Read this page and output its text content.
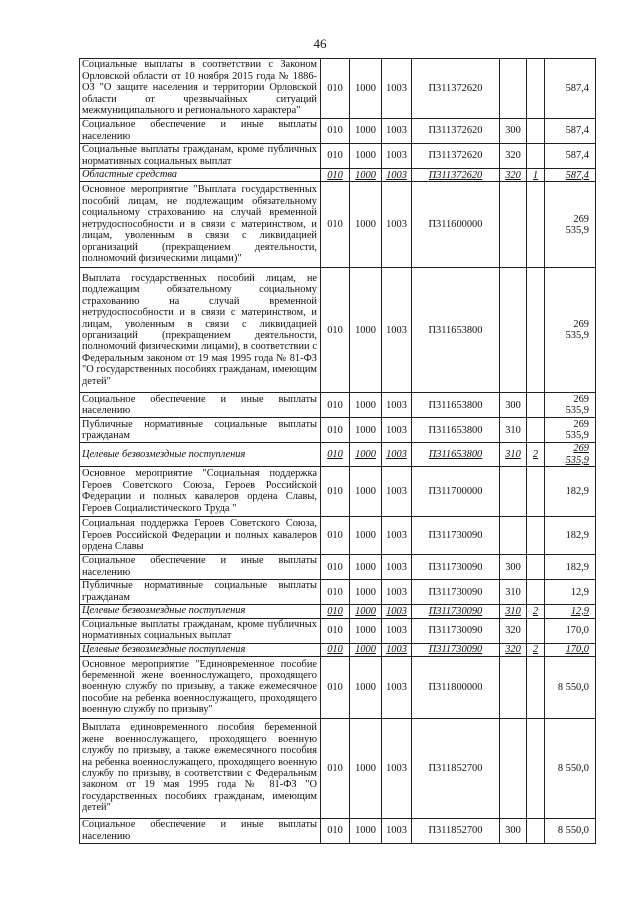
46
Социальные выплаты в соответствии с Законом Орловской области от 10 ноября 2015 года № 1886-ОЗ "О защите населения и территории Орловской области от чрезвычайных ситуаций межмуниципального и регионального характера"	010	1000	1003	П311372620			587,4
Социальное обеспечение и иные выплаты населению	010	1000	1003	П311372620	300		587,4
Социальные выплаты гражданам, кроме публичных нормативных социальных выплат	010	1000	1003	П311372620	320		587,4
Областные средства	010	1000	1003	П311372620	320	1	587,4
Основное мероприятие "Выплата государственных пособий лицам, не подлежащим обязательному социальному страхованию на случай временной нетрудоспособности и в связи с материнством, и лицам, уволенным в связи с ликвидацией организаций (прекращением деятельности, полномочий физическими лицами)"	010	1000	1003	П311600000			269 535,9
Выплата государственных пособий лицам, не подлежащим обязательному социальному страхованию на случай временной нетрудоспособности и в связи с материнством, и лицам, уволенным в связи с ликвидацией организаций (прекращением деятельности, полномочий физическими лицами), в соответствии с Федеральным законом от 19 мая 1995 года № 81-ФЗ "О государственных пособиях гражданам, имеющим детей"	010	1000	1003	П311653800			269 535,9
Социальное обеспечение и иные выплаты населению	010	1000	1003	П311653800	300		269 535,9
Публичные нормативные социальные выплаты гражданам	010	1000	1003	П311653800	310		269 535,9
Целевые безвозмездные поступления	010	1000	1003	П311653800	310	2	269 535,9
Основное мероприятие "Социальная поддержка Героев Советского Союза, Героев Российской Федерации и полных кавалеров ордена Славы, Героев Социалистического Труда "	010	1000	1003	П311700000			182,9
Социальная поддержка Героев Советского Союза, Героев Российской Федерации и полных кавалеров ордена Славы	010	1000	1003	П311730090			182,9
Социальное обеспечение и иные выплаты населению	010	1000	1003	П311730090	300		182,9
Публичные нормативные социальные выплаты гражданам	010	1000	1003	П311730090	310		12,9
Целевые безвозмездные поступления	010	1000	1003	П311730090	310	2	12,9
Социальные выплаты гражданам, кроме публичных нормативных социальных выплат	010	1000	1003	П311730090	320		170,0
Целевые безвозмездные поступления	010	1000	1003	П311730090	320	2	170,0
Основное мероприятие "Единовременное пособие беременной жене военнослужащего, проходящего военную службу по призыву, а также ежемесячное пособие на ребенка военнослужащего, проходящего военную службу по призыву"	010	1000	1003	П311800000			8 550,0
Выплата единовременного пособия беременной жене военнослужащего, проходящего военную службу по призыву, а также ежемесячного пособия на ребенка военнослужащего, проходящего военную службу по призыву, в соответствии с Федеральным законом от 19 мая 1995 года № 81-ФЗ "О государственных пособиях гражданам, имеющим детей"	010	1000	1003	П311852700			8 550,0
Социальное обеспечение и иные выплаты населению	010	1000	1003	П311852700	300		8 550,0
